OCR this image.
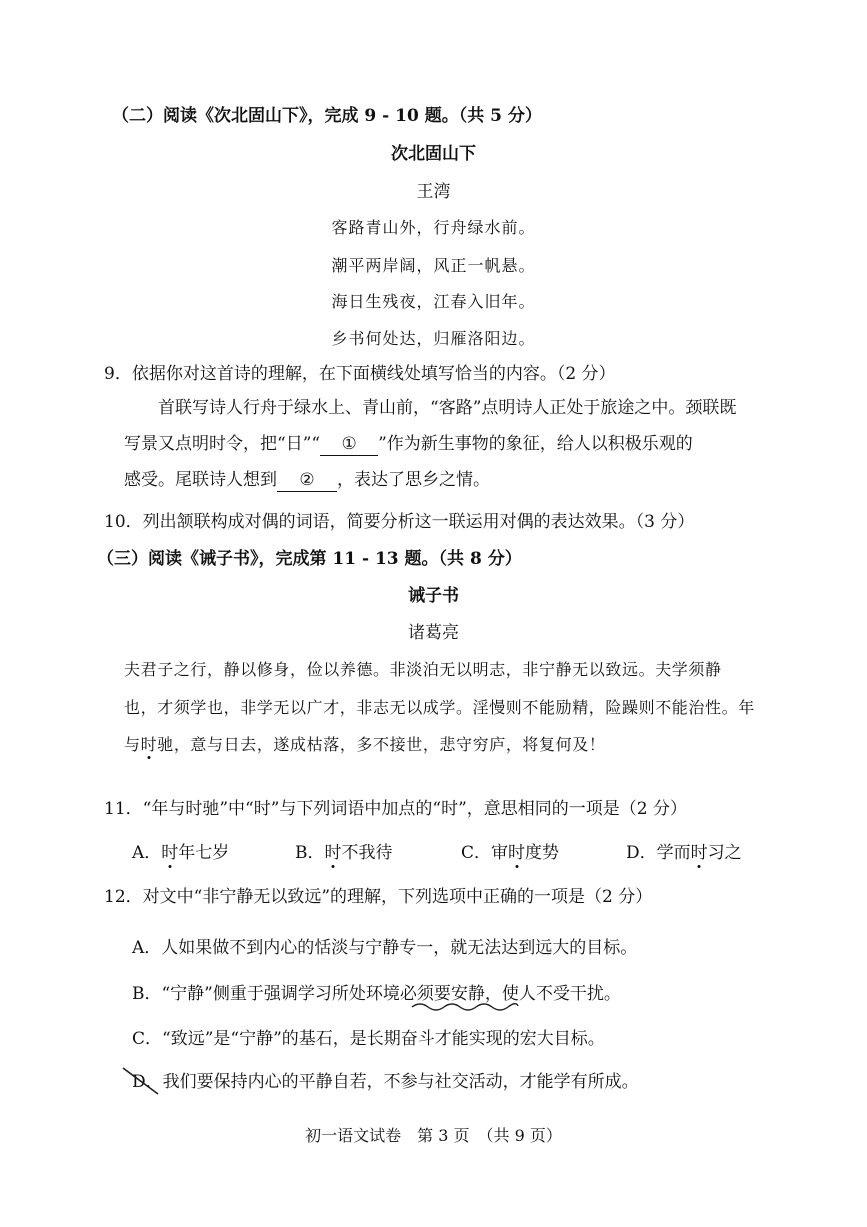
（二）阅读《次北固山下》，完成 9 - 10 题。（共 5 分）
次北固山下
王湾
客路青山外，行舟绿水前。
潮平两岸阔，风正一帆悬。
海日生残夜，江春入旧年。
乡书何处达，归雁洛阳边。
9．依据你对这首诗的理解，在下面横线处填写恰当的内容。（2 分）
首联写诗人行舟于绿水上、青山前，“客路”点明诗人正处于旅途之中。颈联既
写景又点明时令，把“日”“ ① ”作为新生事物的象征，给人以积极乐观的
感受。尾联诗人想到 ② ，表达了思乡之情。
10．列出颔联构成对偶的词语，简要分析这一联运用对偶的表达效果。（3 分）
（三）阅读《诫子书》，完成第 11 - 13 题。（共 8 分）
诫子书
诸葛亮
夫君子之行，静以修身，俭以养德。非淡泊无以明志，非宁静无以致远。夫学须静
也，才须学也，非学无以广才，非志无以成学。淫慢则不能励精，险躁则不能治性。年
与时驰，意与日去，遂成枯落，多不接世，悲守穷庐，将复何及！
11．“年与时驰”中“时”与下列词语中加点的“时”，意思相同的一项是（2 分）
A．时年七岁	B．时不我待	C．审时度势	D．学而时习之
12．对文中“非宁静无以致远”的理解，下列选项中正确的一项是（2 分）
A．人如果做不到内心的恬淡与宁静专一，就无法达到远大的目标。
B．“宁静”侧重于强调学习所处环境必须要安静，使人不受干扰。
C．“致远”是“宁静”的基石，是长期奋斗才能实现的宏大目标。
D．我们要保持内心的平静自若，不参与社交活动，才能学有所成。
初一语文试卷　第 3 页　（共 9 页）
